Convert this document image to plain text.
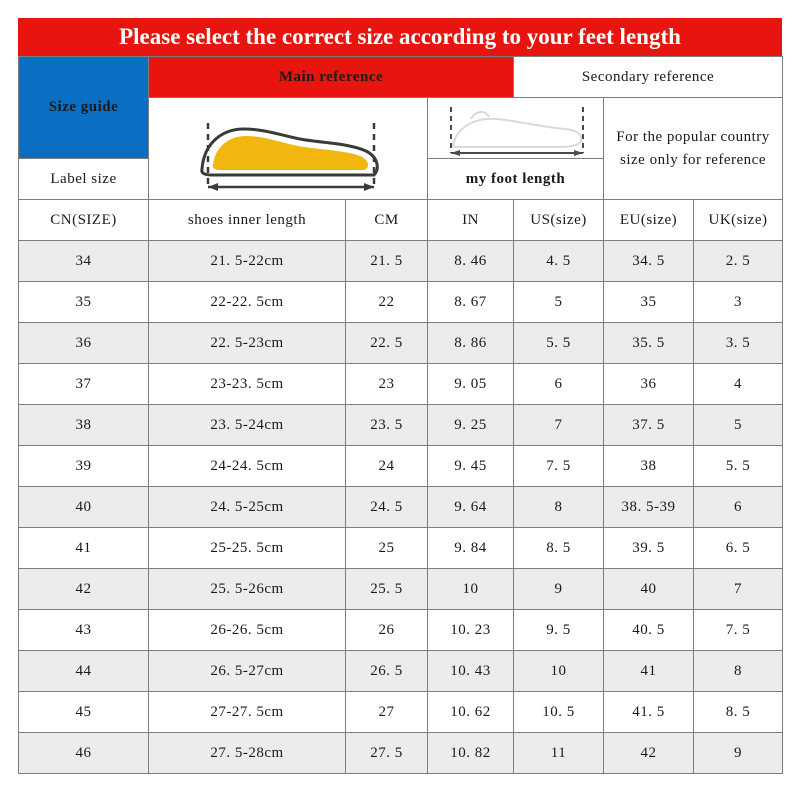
Please select the correct size according to your feet length
Size guide	Main reference			Secondary reference		

	For the popular country size only for reference	
Label size			my foot length			
CN(SIZE)	shoes inner length	CM	IN	US(size)	EU(size)	UK(size)
34	21. 5-22cm	21. 5	8. 46	4. 5	34. 5	2. 5
35	22-22. 5cm	22	8. 67	5	35	3
36	22. 5-23cm	22. 5	8. 86	5. 5	35. 5	3. 5
37	23-23. 5cm	23	9. 05	6	36	4
38	23. 5-24cm	23. 5	9. 25	7	37. 5	5
39	24-24. 5cm	24	9. 45	7. 5	38	5. 5
40	24. 5-25cm	24. 5	9. 64	8	38. 5-39	6
41	25-25. 5cm	25	9. 84	8. 5	39. 5	6. 5
42	25. 5-26cm	25. 5	10	9	40	7
43	26-26. 5cm	26	10. 23	9. 5	40. 5	7. 5
44	26. 5-27cm	26. 5	10. 43	10	41	8
45	27-27. 5cm	27	10. 62	10. 5	41. 5	8. 5
46	27. 5-28cm	27. 5	10. 82	11	42	9
